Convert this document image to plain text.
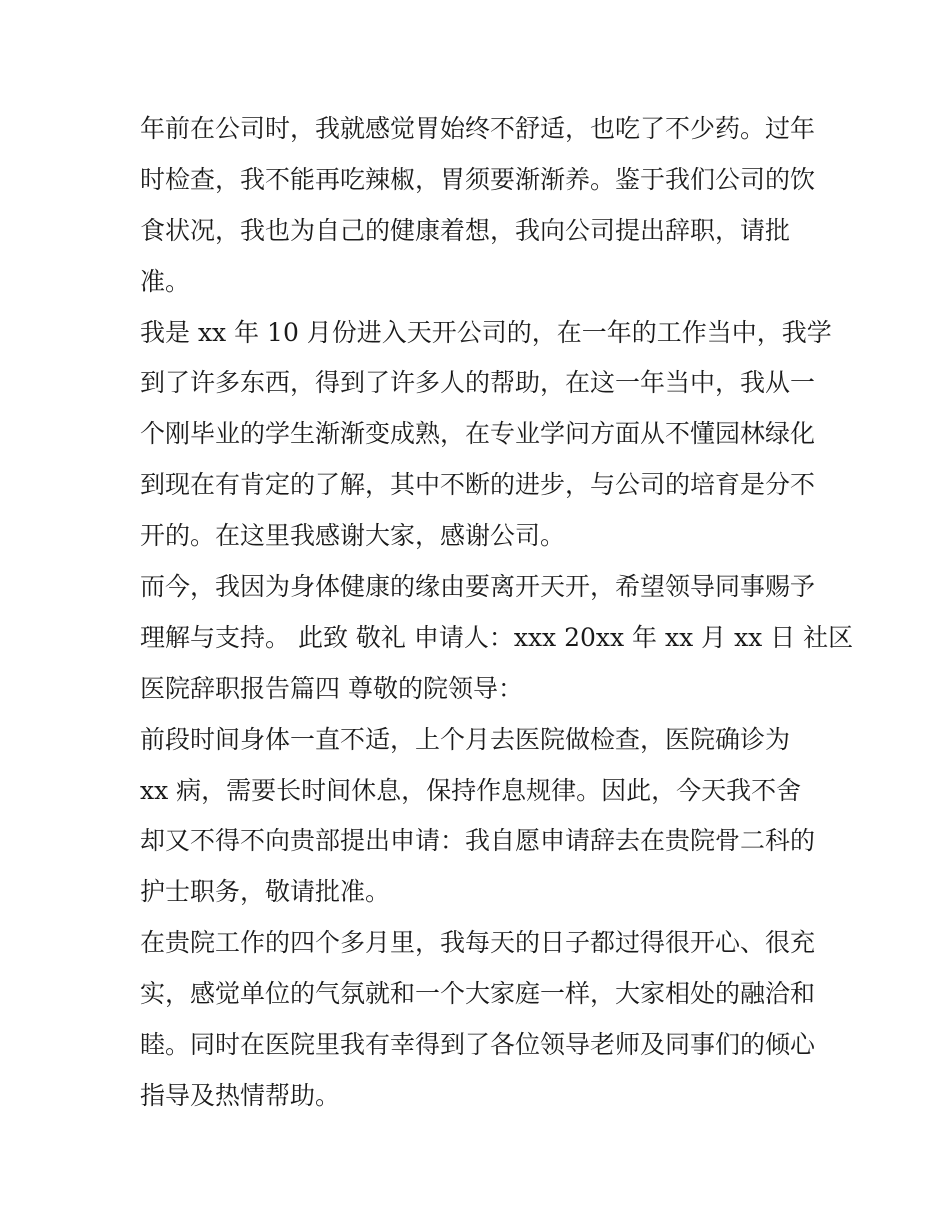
年前在公司时，我就感觉胃始终不舒适，也吃了不少药。过年
时检查，我不能再吃辣椒，胃须要渐渐养。鉴于我们公司的饮
食状况，我也为自己的健康着想，我向公司提出辞职，请批
准。

我是 xx 年 10 月份进入天开公司的，在一年的工作当中，我学
到了许多东西，得到了许多人的帮助，在这一年当中，我从一
个刚毕业的学生渐渐变成熟，在专业学问方面从不懂园林绿化
到现在有肯定的了解，其中不断的进步，与公司的培育是分不
开的。在这里我感谢大家，感谢公司。

而今，我因为身体健康的缘由要离开天开，希望领导同事赐予
理解与支持。 此致 敬礼 申请人：xxx 20xx 年 xx 月 xx 日 社区
医院辞职报告篇四 尊敬的院领导：

前段时间身体一直不适，上个月去医院做检查，医院确诊为
xx 病，需要长时间休息，保持作息规律。因此，今天我不舍
却又不得不向贵部提出申请：我自愿申请辞去在贵院骨二科的
护士职务，敬请批准。

在贵院工作的四个多月里，我每天的日子都过得很开心、很充
实，感觉单位的气氛就和一个大家庭一样，大家相处的融洽和
睦。同时在医院里我有幸得到了各位领导老师及同事们的倾心
指导及热情帮助。
